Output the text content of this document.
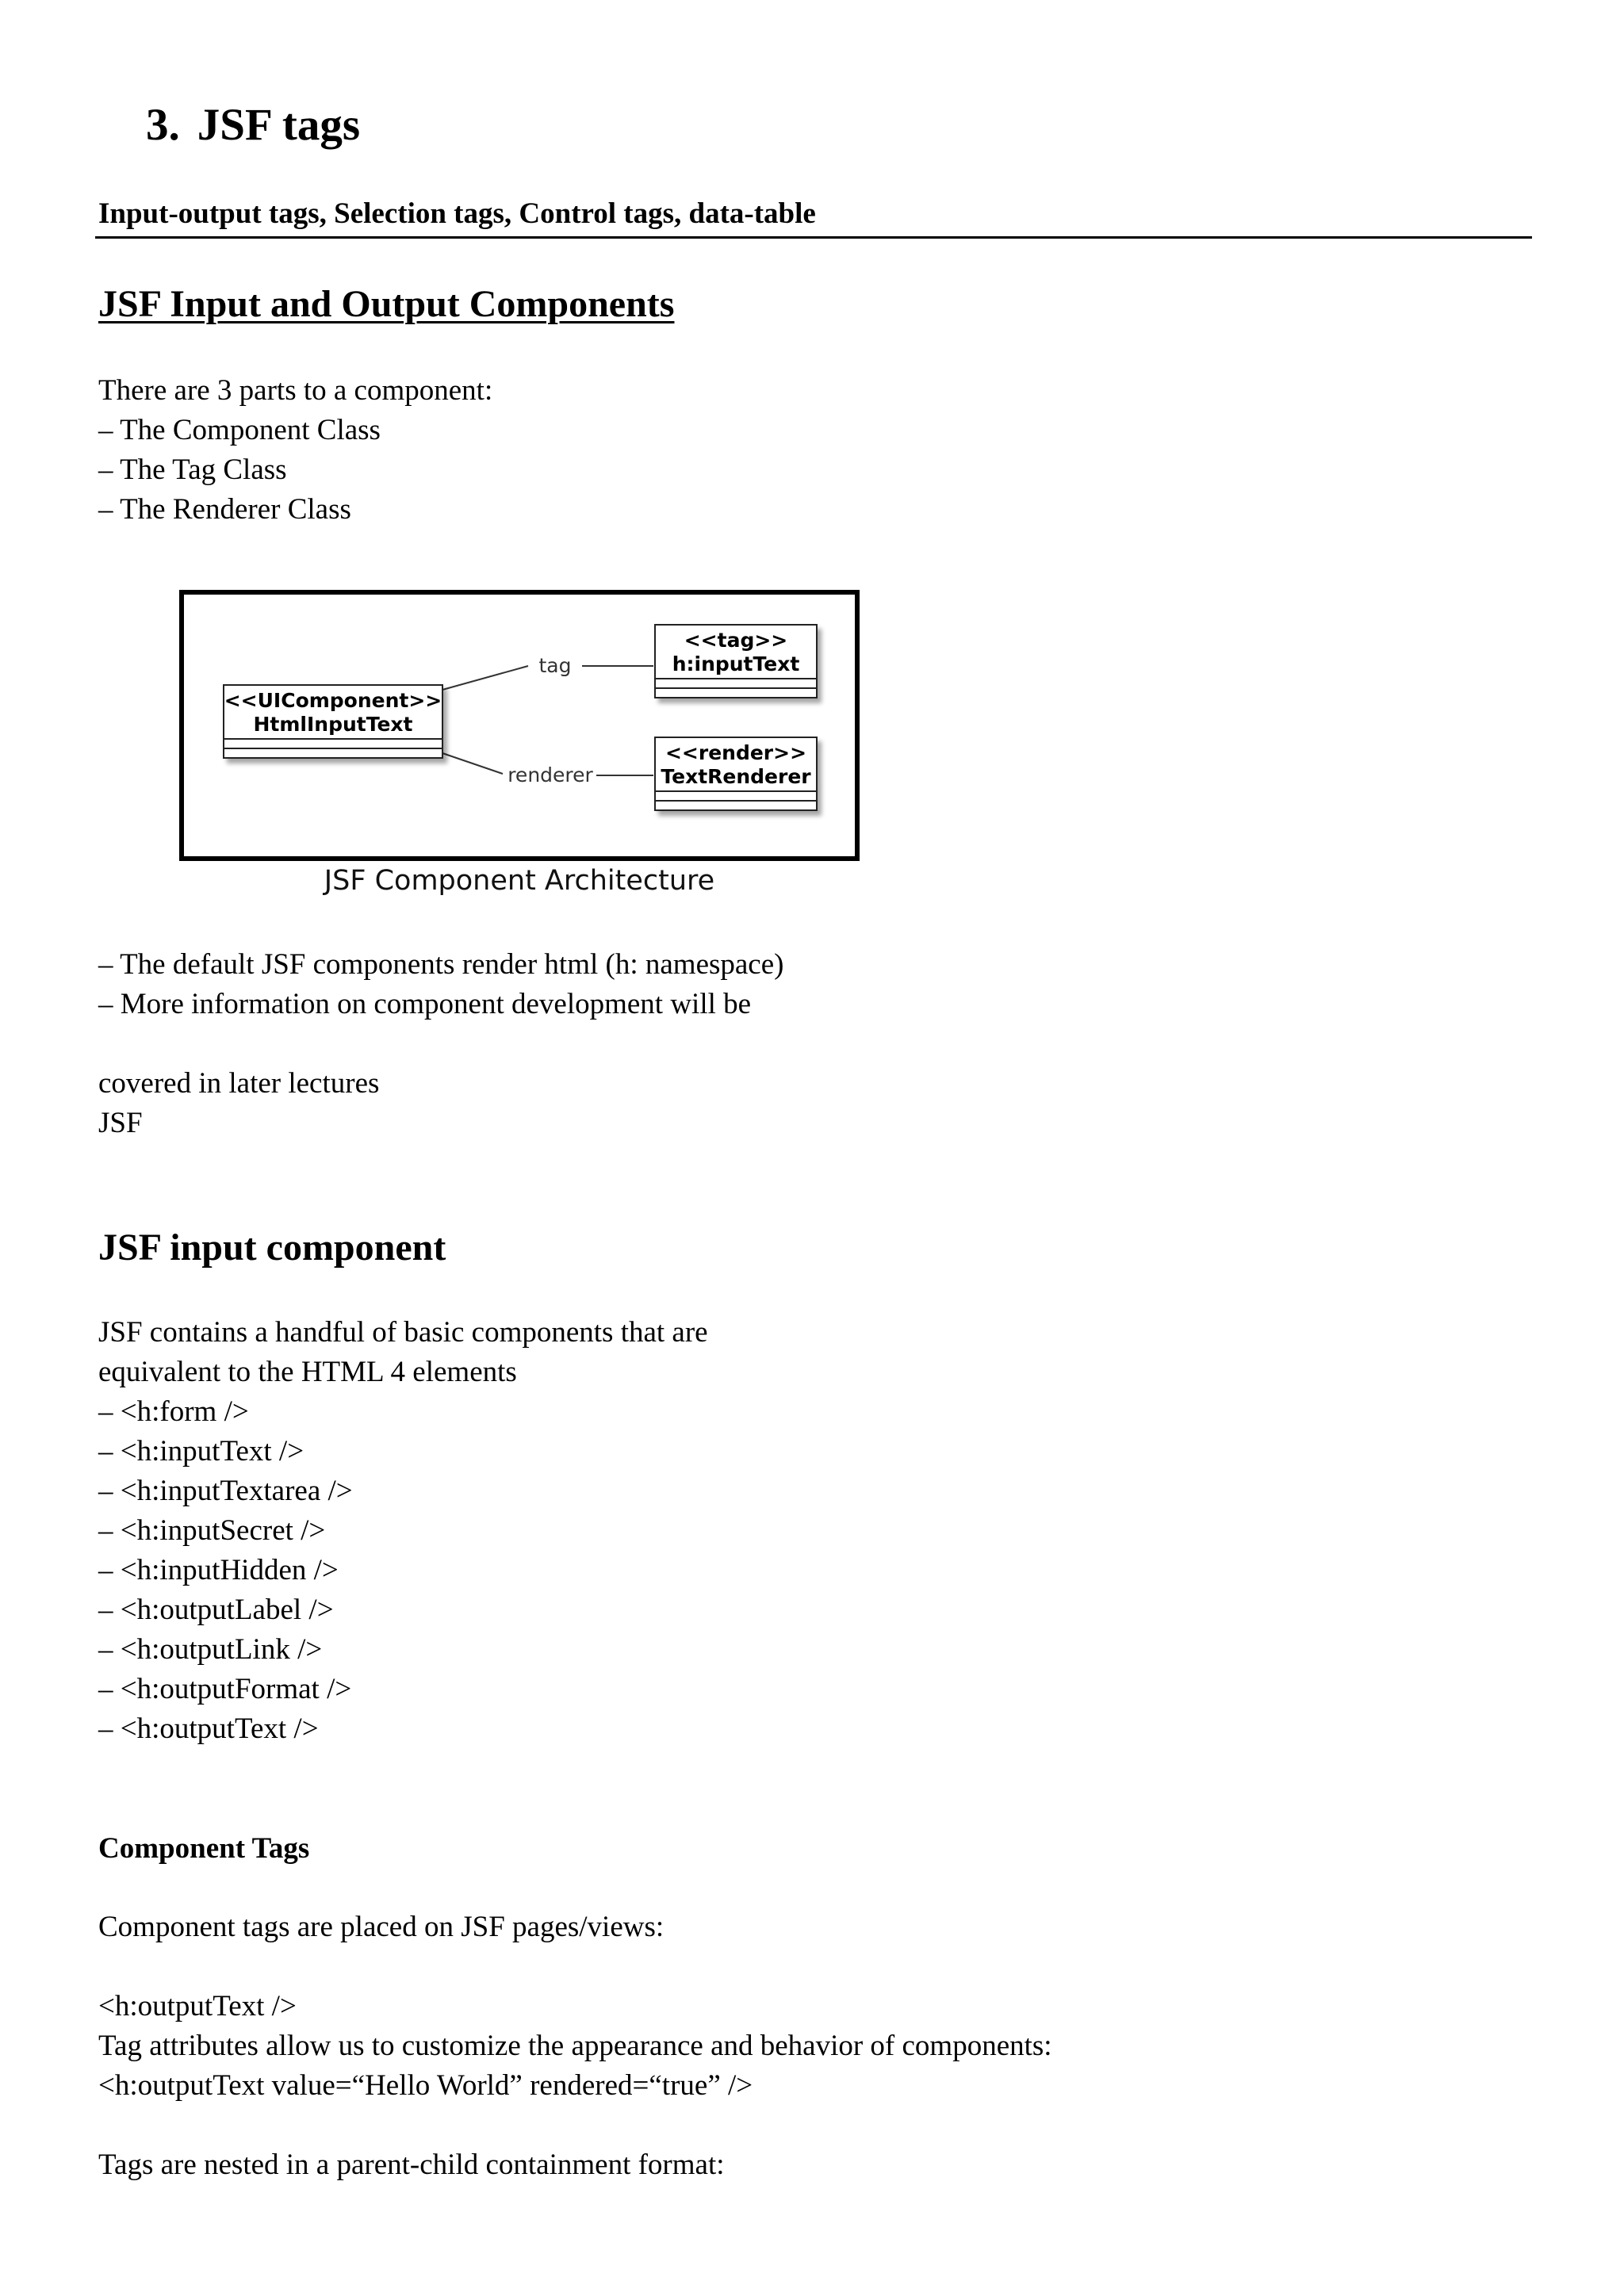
3. JSF tags
Input-output tags, Selection tags, Control tags, data-table
JSF Input and Output Components
There are 3 parts to a component:
– The Component Class
– The Tag Class
– The Renderer Class
<<UIComponent>>
HtmlInputText
tag
renderer
<<tag>>
h:inputText
<<render>>
TextRenderer
JSF Component Architecture
– The default JSF components render html (h: namespace)
– More information on component development will be
covered in later lectures
JSF
JSF input component
JSF contains a handful of basic components that are
equivalent to the HTML 4 elements
– <h:form />
– <h:inputText />
– <h:inputTextarea />
– <h:inputSecret />
– <h:inputHidden />
– <h:outputLabel />
– <h:outputLink />
– <h:outputFormat />
– <h:outputText />
Component Tags
Component tags are placed on JSF pages/views:
<h:outputText />
Tag attributes allow us to customize the appearance and behavior of components:
<h:outputText value=“Hello World” rendered=“true” />
Tags are nested in a parent-child containment format:
